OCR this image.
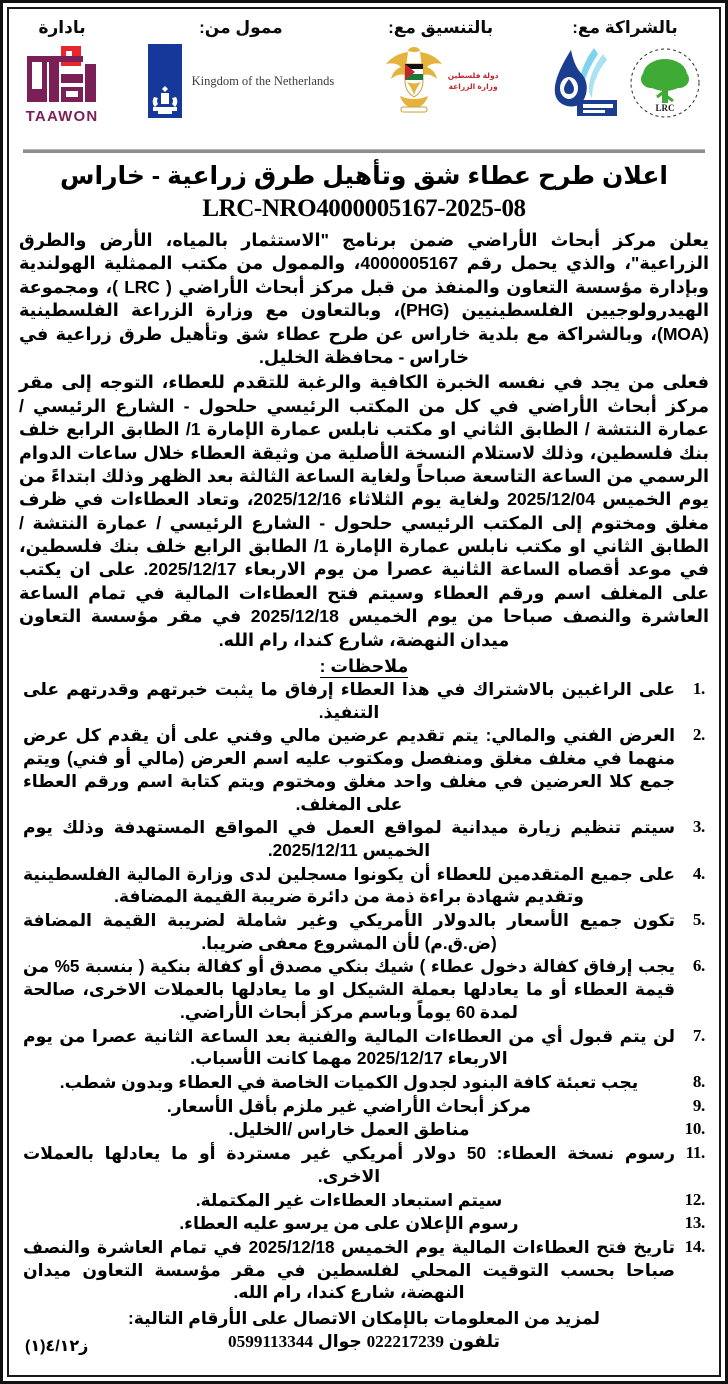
بادارة
TAAWON
ممول من:
Kingdom of the Netherlands
بالتنسيق مع:
دولة فلسطين
وزارة الزراعة
بالشراكة مع:
LRC
اعلان طرح عطاء شق وتأهيل طرق زراعية - خاراس
LRC-NRO4000005167-2025-08

يعلن مركز أبحاث الأراضي ضمن برنامج "الاستثمار بالمياه، الأرض والطرق الزراعية"، والذي يحمل رقم 4000005167، والممول من مكتب الممثلية الهولندية وبإدارة مؤسسة التعاون والمنفذ من قبل مركز أبحاث الأراضي ( LRC )، ومجموعة الهيدرولوجيين الفلسطينيين (PHG)، وبالتعاون مع وزارة الزراعة الفلسطينية (MOA)، وبالشراكة مع بلدية خاراس عن طرح عطاء شق وتأهيل طرق زراعية في خاراس - محافظة الخليل.

فعلى من يجد في نفسه الخبرة الكافية والرغبة للتقدم للعطاء، التوجه إلى مقر مركز أبحاث الأراضي في كل من المكتب الرئيسي حلحول - الشارع الرئيسي / عمارة النتشة / الطابق الثاني او مكتب نابلس عمارة الإمارة 1/ الطابق الرابع خلف بنك فلسطين، وذلك لاستلام النسخة الأصلية من وثيقة العطاء خلال ساعات الدوام الرسمي من الساعة التاسعة صباحاً ولغاية الساعة الثالثة بعد الظهر وذلك ابتداءً من يوم الخميس 2025/12/04 ولغاية يوم الثلاثاء 2025/12/16، وتعاد العطاءات في ظرف مغلق ومختوم إلى المكتب الرئيسي حلحول - الشارع الرئيسي / عمارة النتشة / الطابق الثاني او مكتب نابلس عمارة الإمارة 1/ الطابق الرابع خلف بنك فلسطين، في موعد أقصاه الساعة الثانية عصرا من يوم الاربعاء 2025/12/17. على ان يكتب على المغلف اسم ورقم العطاء وسيتم فتح العطاءات المالية في تمام الساعة العاشرة والنصف صباحا من يوم الخميس 2025/12/18 في مقر مؤسسة التعاون ميدان النهضة، شارع كندا، رام الله.

ملاحظات :
على الراغبين بالاشتراك في هذا العطاء إرفاق ما يثبت خبرتهم وقدرتهم على التنفيذ.
العرض الفني والمالي: يتم تقديم عرضين مالي وفني على أن يقدم كل عرض منهما في مغلف مغلق ومنفصل ومكتوب عليه اسم العرض (مالي أو فني) ويتم جمع كلا العرضين في مغلف واحد مغلق ومختوم ويتم كتابة اسم ورقم العطاء على المغلف.
سيتم تنظيم زيارة ميدانية لمواقع العمل في المواقع المستهدفة وذلك يوم الخميس 2025/12/11.
على جميع المتقدمين للعطاء أن يكونوا مسجلين لدى وزارة المالية الفلسطينية وتقديم شهادة براءة ذمة من دائرة ضريبة القيمة المضافة.
تكون جميع الأسعار بالدولار الأمريكي وغير شاملة لضريبة القيمة المضافة (ض.ق.م) لأن المشروع معفى ضريبا.
يجب إرفاق كفالة دخول عطاء ) شيك بنكي مصدق أو كفالة بنكية ( بنسبة 5% من قيمة العطاء أو ما يعادلها بعملة الشيكل او ما يعادلها بالعملات الاخرى، صالحة لمدة 60 يوماً وباسم مركز أبحاث الأراضي.
لن يتم قبول أي من العطاءات المالية والفنية بعد الساعة الثانية عصرا من يوم الاربعاء 2025/12/17 مهما كانت الأسباب.
يجب تعبئة كافة البنود لجدول الكميات الخاصة في العطاء وبدون شطب.
مركز أبحاث الأراضي غير ملزم بأقل الأسعار.
مناطق العمل خاراس /الخليل.
رسوم نسخة العطاء: 50 دولار أمريكي غير مستردة أو ما يعادلها بالعملات الاخرى.
سيتم استبعاد العطاءات غير المكتملة.
رسوم الإعلان على من يرسو عليه العطاء.
تاريخ فتح العطاءات المالية يوم الخميس 2025/12/18 في تمام العاشرة والنصف صباحا بحسب التوقيت المحلي لفلسطين في مقر مؤسسة التعاون ميدان النهضة، شارع كندا، رام الله.
لمزيد من المعلومات بالإمكان الاتصال على الأرقام التالية:
تلفون 022217239 جوال 0599113344
ز٤/١٢(١)
